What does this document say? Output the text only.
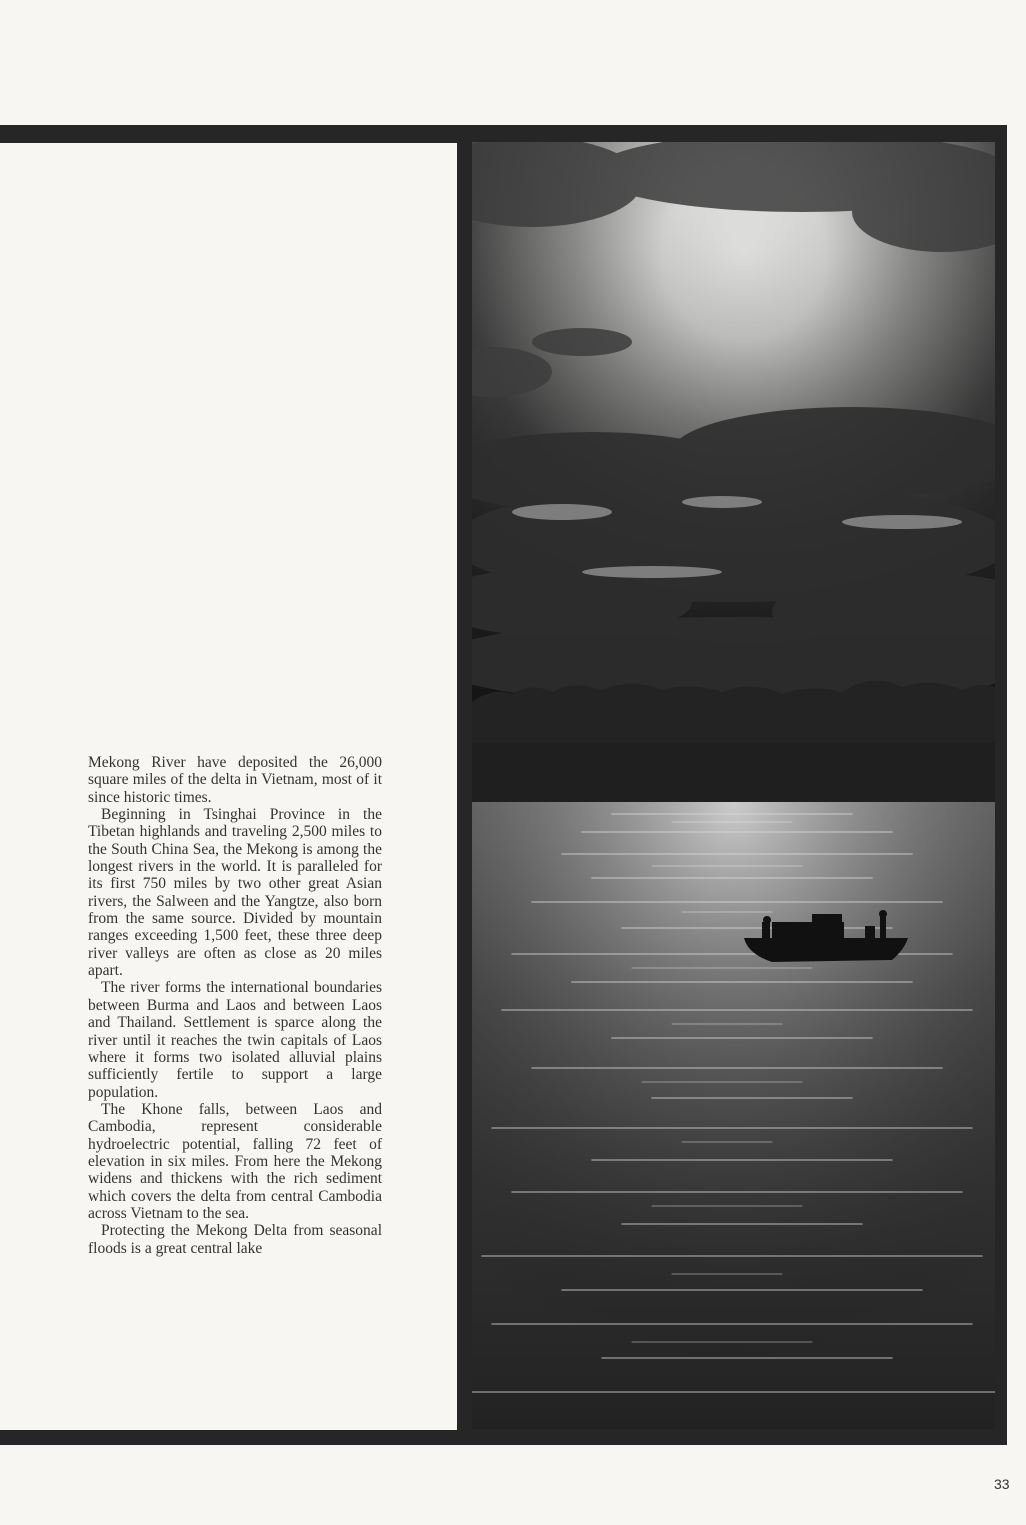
Mekong River have deposited the 26,000 square miles of the delta in Vietnam, most of it since historic times.

Beginning in Tsinghai Province in the Tibetan highlands and traveling 2,500 miles to the South China Sea, the Mekong is among the longest rivers in the world. It is paralleled for its first 750 miles by two other great Asian rivers, the Salween and the Yangtze, also born from the same source. Divided by mountain ranges exceeding 1,500 feet, these three deep river valleys are often as close as 20 miles apart.

The river forms the international boundaries between Burma and Laos and between Laos and Thailand. Settlement is sparce along the river until it reaches the twin capitals of Laos where it forms two isolated alluvial plains sufficiently fertile to support a large population.

The Khone falls, between Laos and Cambodia, represent considerable hydroelectric potential, falling 72 feet of elevation in six miles. From here the Mekong widens and thickens with the rich sediment which covers the delta from central Cambodia across Vietnam to the sea.

Protecting the Mekong Delta from seasonal floods is a great central lake

33
